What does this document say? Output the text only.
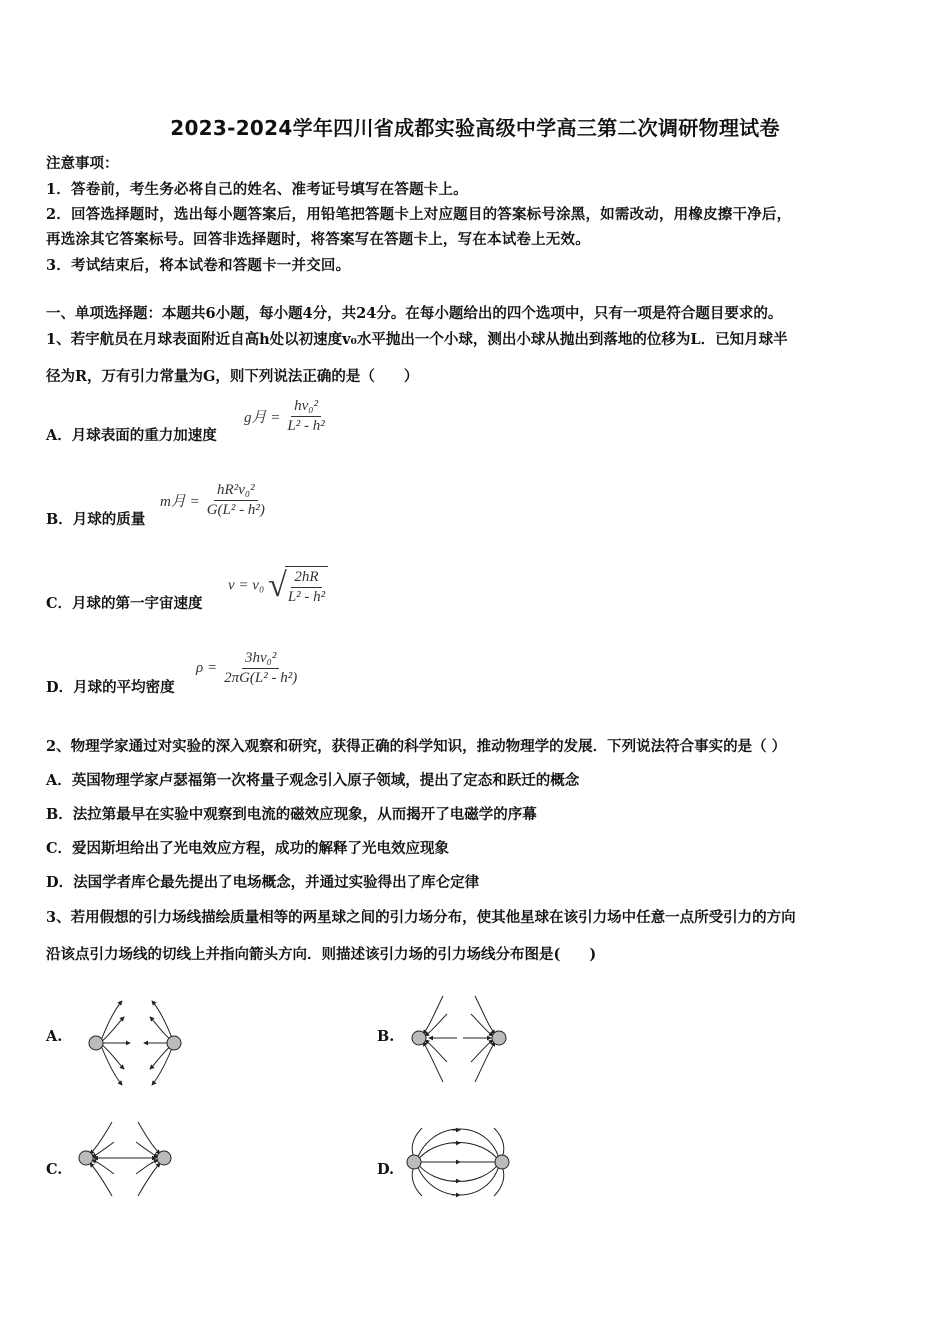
2023-2024学年四川省成都实验高级中学高三第二次调研物理试卷
注意事项：
1．答卷前，考生务必将自己的姓名、准考证号填写在答题卡上。
2．回答选择题时，选出每小题答案后，用铅笔把答题卡上对应题目的答案标号涂黑，如需改动，用橡皮擦干净后，
再选涂其它答案标号。回答非选择题时，将答案写在答题卡上，写在本试卷上无效。
3．考试结束后，将本试卷和答题卡一并交回。
一、单项选择题：本题共6小题，每小题4分，共24分。在每小题给出的四个选项中，只有一项是符合题目要求的。
1、若宇航员在月球表面附近自高h处以初速度v₀水平抛出一个小球，测出小球从抛出到落地的位移为L．已知月球半
径为R，万有引力常量为G，则下列说法正确的是（　　）
A．月球表面的重力加速度
g月 = $\frac{\text{hv₀²}}{\text{L² - h²}}$
B．月球的质量
m月 = $\frac{\text{hR²v₀²}}{\text{G(L² - h²)}}$
C．月球的第一宇宙速度
v = v₀ √
$\frac{2hR}{\text{L² - h²}}$
D．月球的平均密度
$\rho = \frac{\text{3hv₀²}}{\text{2πG(L² - h²)}}$
2、物理学家通过对实验的深入观察和研究，获得正确的科学知识，推动物理学的发展．下列说法符合事实的是（ ）
A．英国物理学家卢瑟福第一次将量子观念引入原子领域，提出了定态和跃迁的概念
B．法拉第最早在实验中观察到电流的磁效应现象，从而揭开了电磁学的序幕
C．爱因斯坦给出了光电效应方程，成功的解释了光电效应现象
D．法国学者库仑最先提出了电场概念，并通过实验得出了库仑定律
3、若用假想的引力场线描绘质量相等的两星球之间的引力场分布，使其他星球在该引力场中任意一点所受引力的方向
沿该点引力场线的切线上并指向箭头方向．则描述该引力场的引力场线分布图是(　　)
A.	B.
C.	D.
